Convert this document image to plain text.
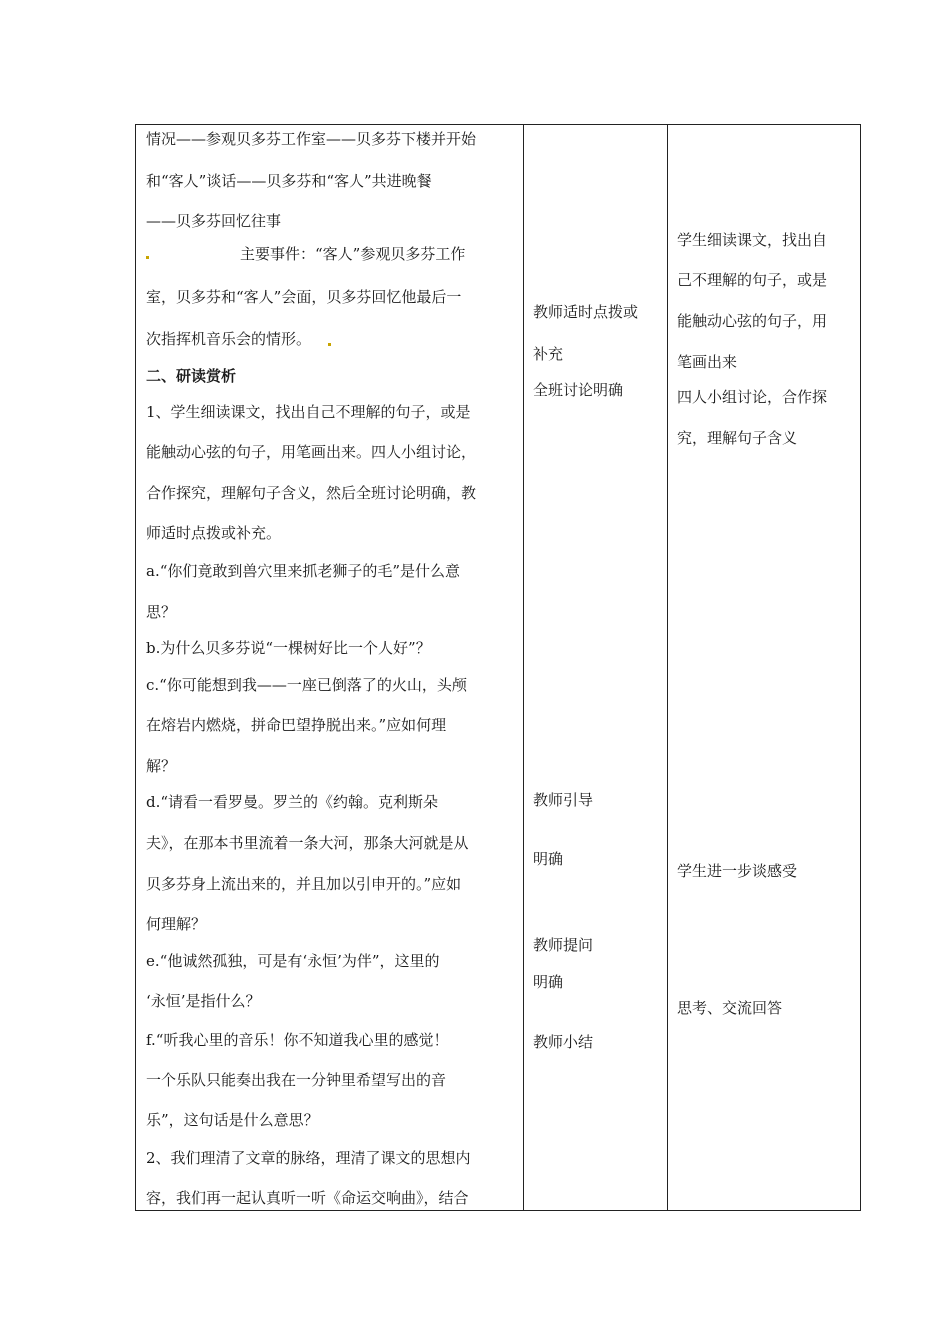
情况——参观贝多芬工作室——贝多芬下楼并开始
和“客人”谈话——贝多芬和“客人”共进晚餐
——贝多芬回忆往事
主要事件：“客人”参观贝多芬工作
室，贝多芬和“客人”会面，贝多芬回忆他最后一
次指挥机音乐会的情形。
二、研读赏析
1、学生细读课文，找出自己不理解的句子，或是
能触动心弦的句子，用笔画出来。四人小组讨论，
合作探究，理解句子含义，然后全班讨论明确，教
师适时点拨或补充。
a.“你们竟敢到兽穴里来抓老狮子的毛”是什么意
思？
b.为什么贝多芬说“一棵树好比一个人好”？
c.“你可能想到我——一座已倒落了的火山，头颅
在熔岩内燃烧，拼命巴望挣脱出来。”应如何理
解？
d.“请看一看罗曼。罗兰的《约翰。克利斯朵
夫》，在那本书里流着一条大河，那条大河就是从
贝多芬身上流出来的，并且加以引申开的。”应如
何理解？
e.“他诚然孤独，可是有‘永恒’为伴”，这里的
‘永恒’是指什么？
f.“听我心里的音乐！你不知道我心里的感觉！
一个乐队只能奏出我在一分钟里希望写出的音
乐”，这句话是什么意思？
2、我们理清了文章的脉络，理清了课文的思想内
容，我们再一起认真听一听《命运交响曲》，结合
教师适时点拨或
补充
全班讨论明确
教师引导
明确
教师提问
明确
教师小结
学生细读课文，找出自
己不理解的句子，或是
能触动心弦的句子，用
笔画出来
四人小组讨论，合作探
究，理解句子含义
学生进一步谈感受
思考、交流回答
